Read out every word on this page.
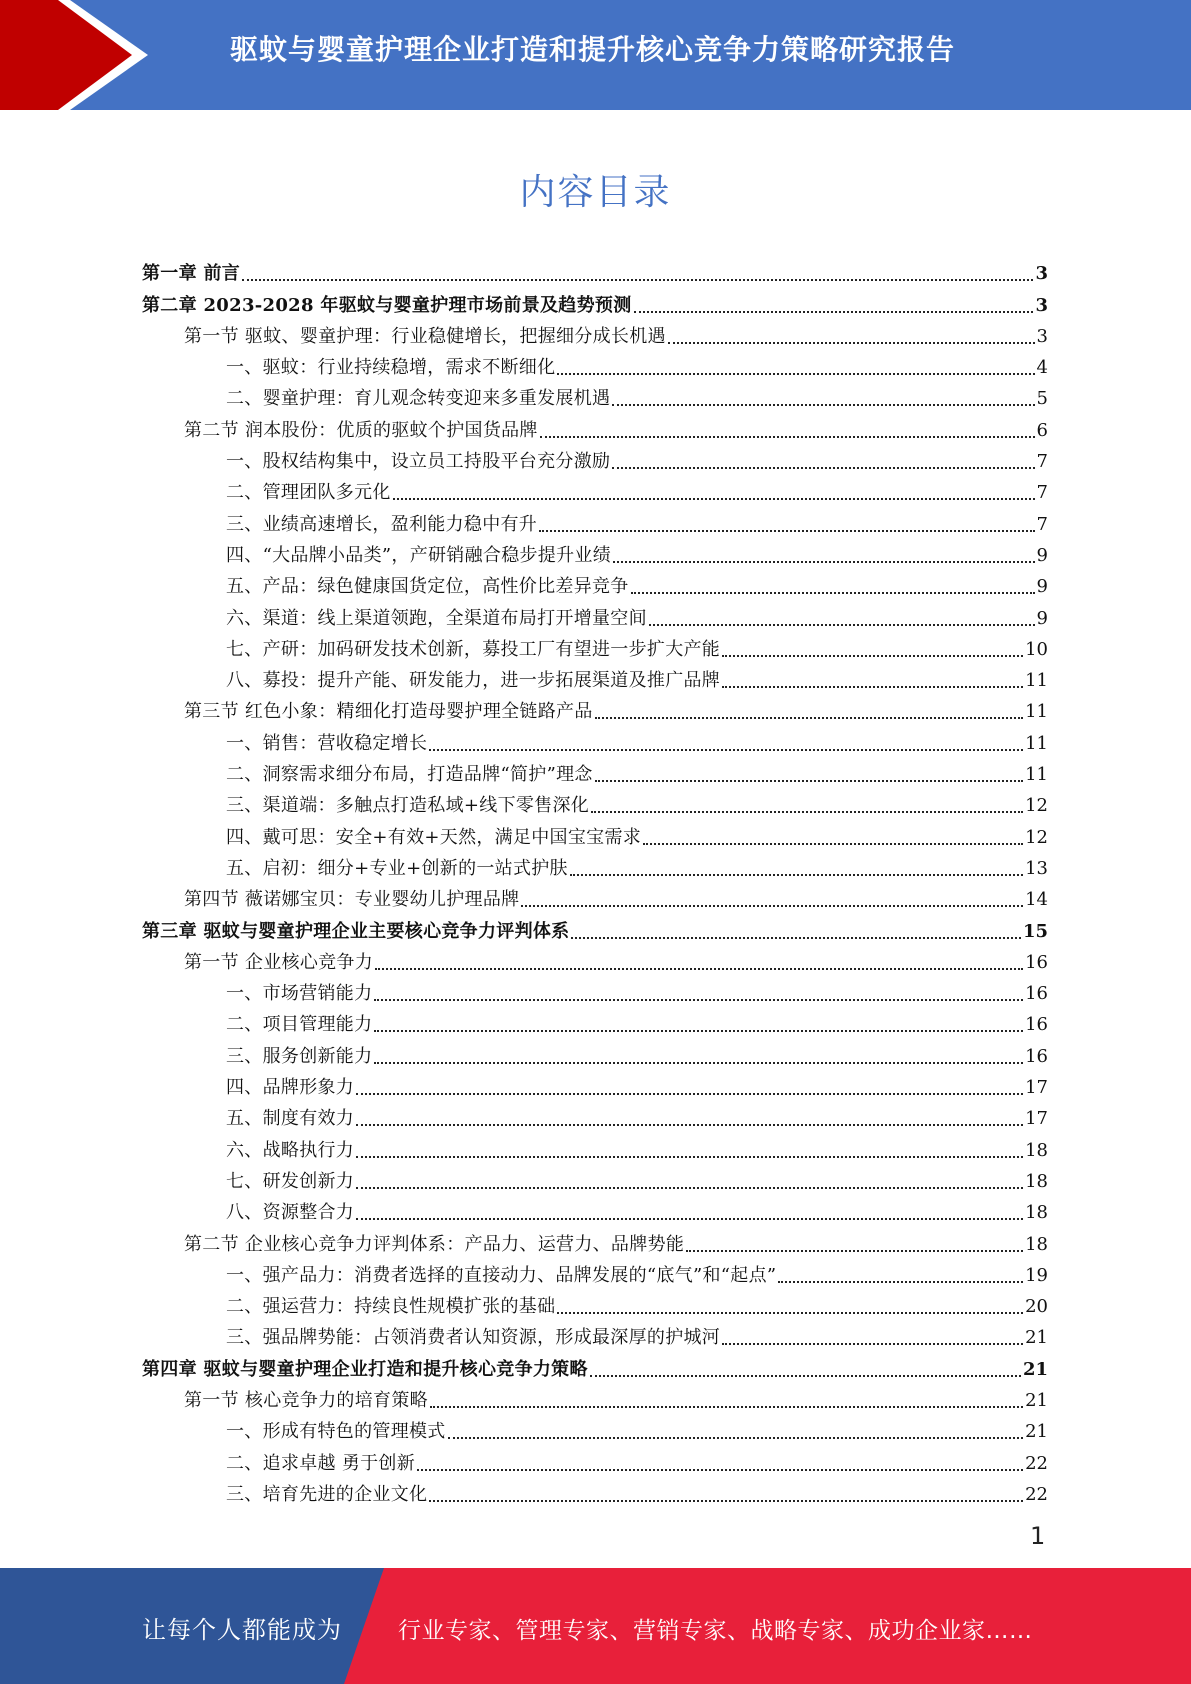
驱蚊与婴童护理企业打造和提升核心竞争力策略研究报告
内容目录
第一章 前言	3
第二章 2023-2028 年驱蚊与婴童护理市场前景及趋势预测	3
第一节 驱蚊、婴童护理：行业稳健增长，把握细分成长机遇	3
一、驱蚊：行业持续稳增，需求不断细化	4
二、婴童护理：育儿观念转变迎来多重发展机遇	5
第二节 润本股份：优质的驱蚊个护国货品牌	6
一、股权结构集中，设立员工持股平台充分激励	7
二、管理团队多元化	7
三、业绩高速增长，盈利能力稳中有升	7
四、“大品牌小品类”，产研销融合稳步提升业绩	9
五、产品：绿色健康国货定位，高性价比差异竞争	9
六、渠道：线上渠道领跑，全渠道布局打开增量空间	9
七、产研：加码研发技术创新，募投工厂有望进一步扩大产能	10
八、募投：提升产能、研发能力，进一步拓展渠道及推广品牌	11
第三节 红色小象：精细化打造母婴护理全链路产品	11
一、销售：营收稳定增长	11
二、洞察需求细分布局，打造品牌“简护”理念	11
三、渠道端：多触点打造私域+线下零售深化	12
四、戴可思：安全+有效+天然，满足中国宝宝需求	12
五、启初：细分+专业+创新的一站式护肤	13
第四节 薇诺娜宝贝：专业婴幼儿护理品牌	14
第三章 驱蚊与婴童护理企业主要核心竞争力评判体系	15
第一节 企业核心竞争力	16
一、市场营销能力	16
二、项目管理能力	16
三、服务创新能力	16
四、品牌形象力	17
五、制度有效力	17
六、战略执行力	18
七、研发创新力	18
八、资源整合力	18
第二节 企业核心竞争力评判体系：产品力、运营力、品牌势能	18
一、强产品力：消费者选择的直接动力、品牌发展的“底气”和“起点”	19
二、强运营力：持续良性规模扩张的基础	20
三、强品牌势能：占领消费者认知资源，形成最深厚的护城河	21
第四章 驱蚊与婴童护理企业打造和提升核心竞争力策略	21
第一节 核心竞争力的培育策略	21
一、形成有特色的管理模式	21
二、追求卓越 勇于创新	22
三、培育先进的企业文化	22
1
让每个人都能成为 行业专家、管理专家、营销专家、战略专家、成功企业家……
